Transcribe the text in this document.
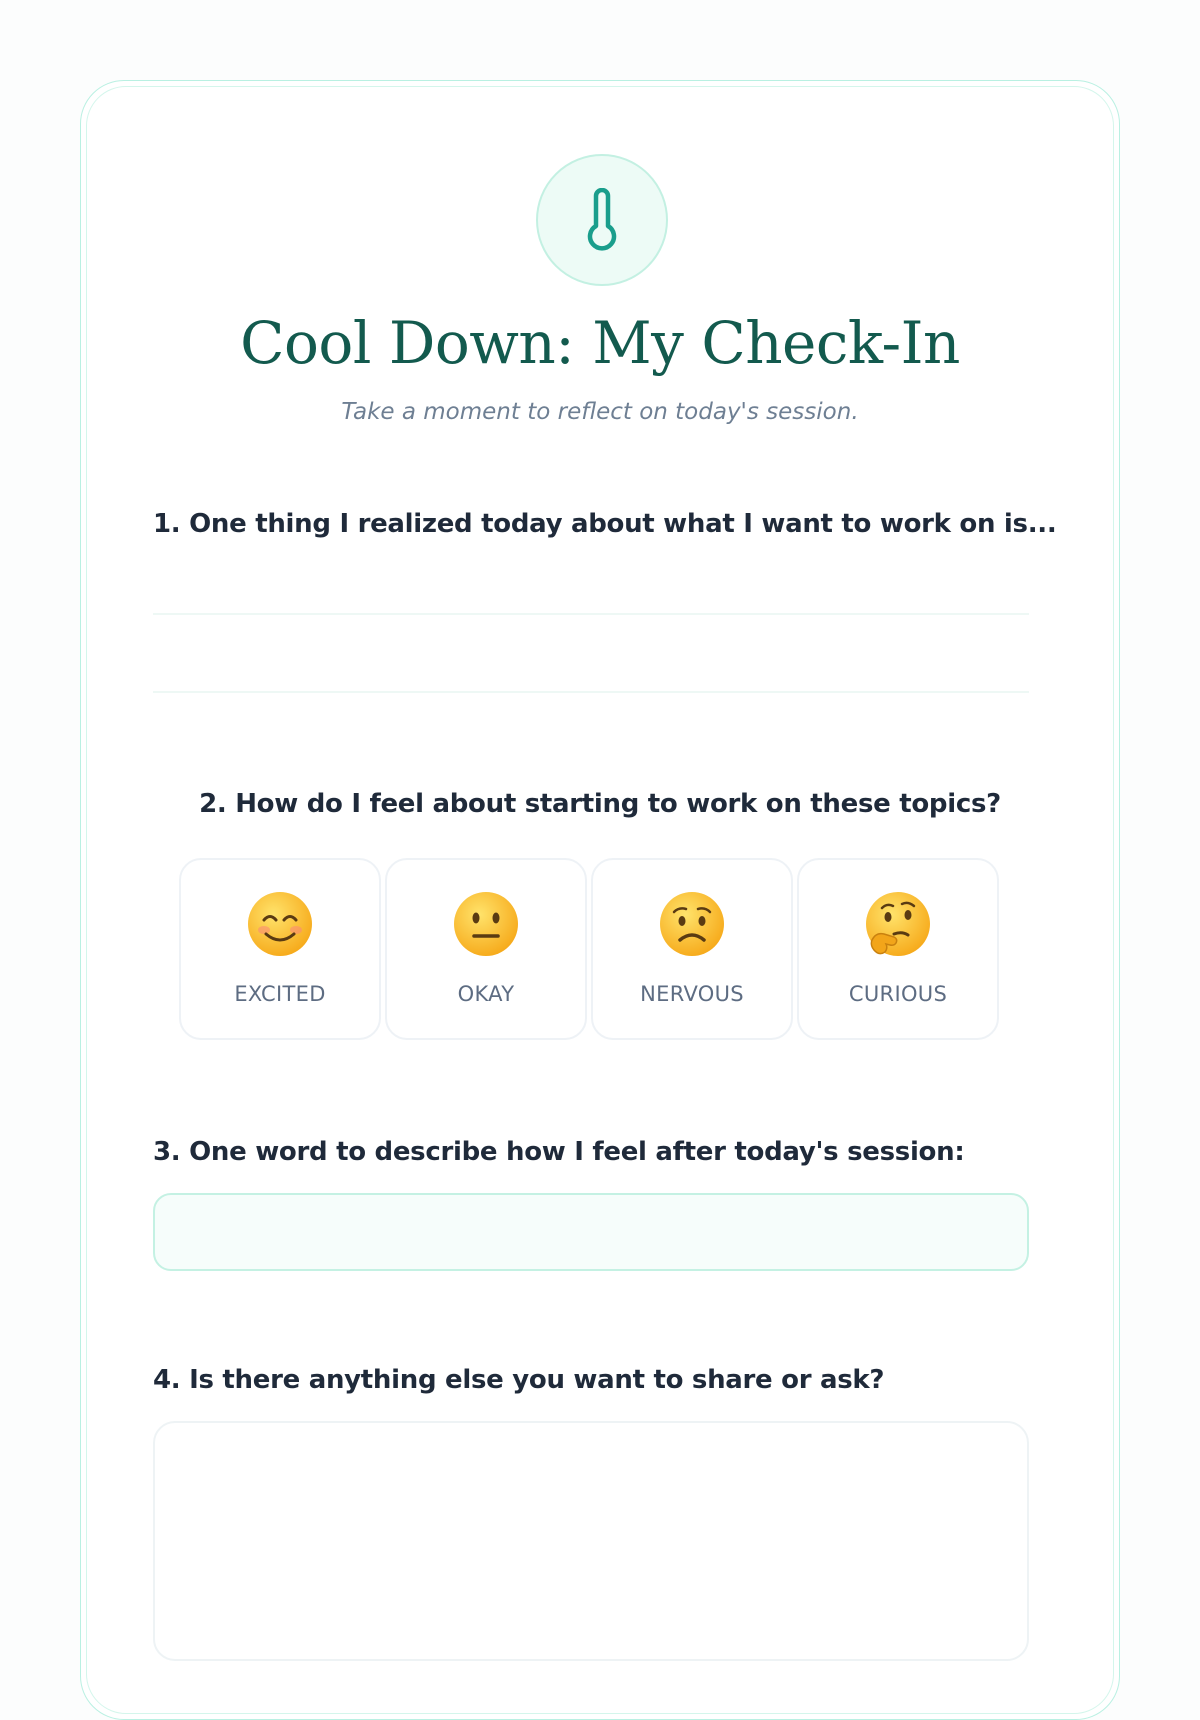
Cool Down: My Check-In

Take a moment to reflect on today's session.

1. One thing I realized today about what I want to work on is...
2. How do I feel about starting to work on these topics?
EXCITED	OKAY	NERVOUS	CURIOUS
3. One word to describe how I feel after today's session:
4. Is there anything else you want to share or ask?
